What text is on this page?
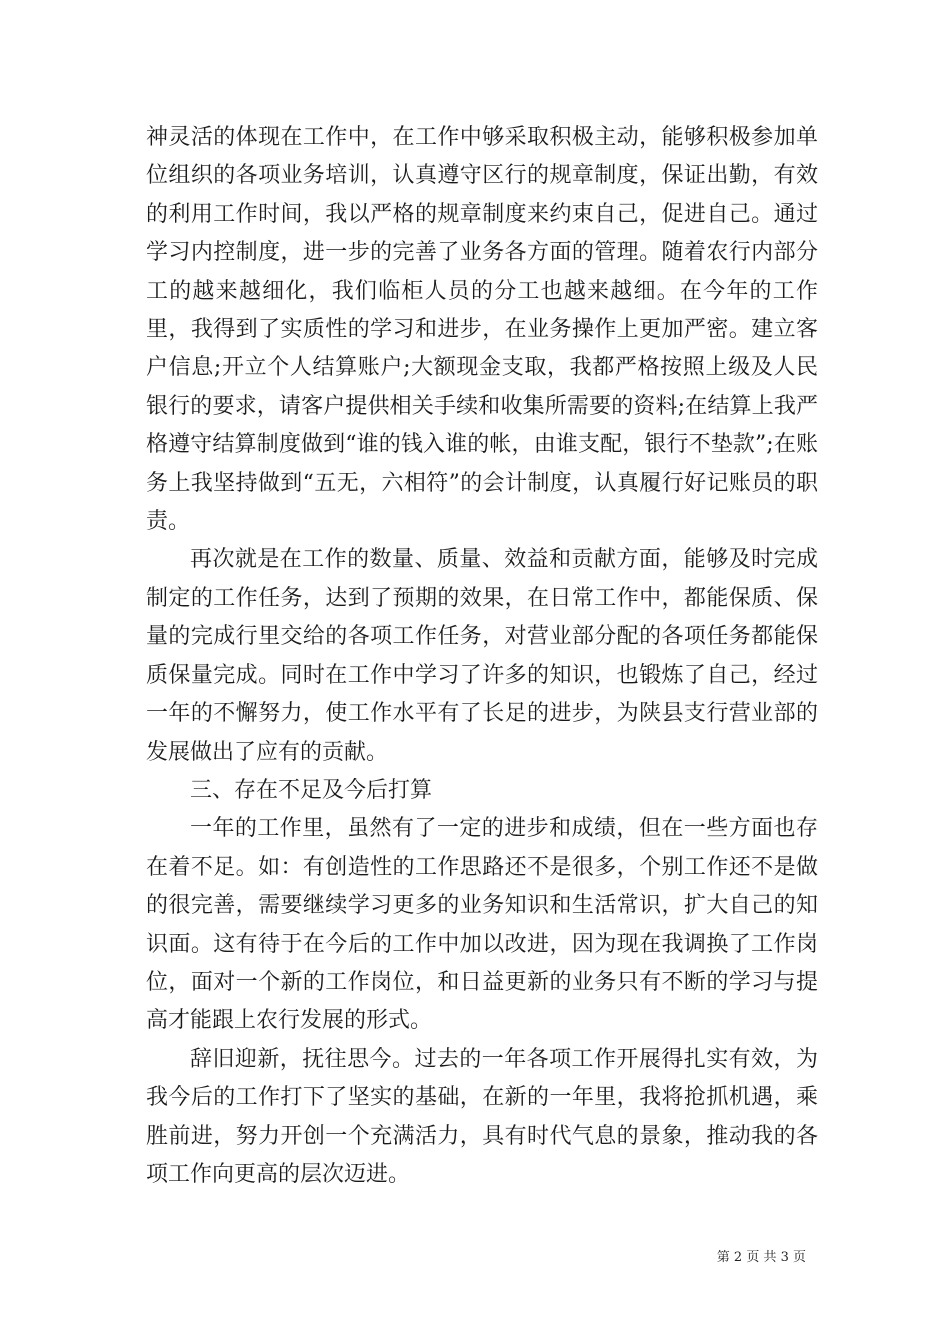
神灵活的体现在工作中，在工作中够采取积极主动，能够积极参加单位组织的各项业务培训，认真遵守区行的规章制度，保证出勤，有效的利用工作时间，我以严格的规章制度来约束自己，促进自己。通过学习内控制度，进一步的完善了业务各方面的管理。随着农行内部分工的越来越细化，我们临柜人员的分工也越来越细。在今年的工作里，我得到了实质性的学习和进步，在业务操作上更加严密。建立客户信息;开立个人结算账户;大额现金支取，我都严格按照上级及人民银行的要求，请客户提供相关手续和收集所需要的资料;在结算上我严格遵守结算制度做到“谁的钱入谁的帐，由谁支配，银行不垫款”;在账务上我坚持做到“五无，六相符”的会计制度，认真履行好记账员的职责。

再次就是在工作的数量、质量、效益和贡献方面，能够及时完成制定的工作任务，达到了预期的效果，在日常工作中，都能保质、保量的完成行里交给的各项工作任务，对营业部分配的各项任务都能保质保量完成。同时在工作中学习了许多的知识，也锻炼了自己，经过一年的不懈努力，使工作水平有了长足的进步，为陕县支行营业部的发展做出了应有的贡献。

三、存在不足及今后打算

一年的工作里，虽然有了一定的进步和成绩，但在一些方面也存在着不足。如：有创造性的工作思路还不是很多，个别工作还不是做的很完善，需要继续学习更多的业务知识和生活常识，扩大自己的知识面。这有待于在今后的工作中加以改进，因为现在我调换了工作岗位，面对一个新的工作岗位，和日益更新的业务只有不断的学习与提高才能跟上农行发展的形式。

辞旧迎新，抚往思今。过去的一年各项工作开展得扎实有效，为我今后的工作打下了坚实的基础，在新的一年里，我将抢抓机遇，乘胜前进，努力开创一个充满活力，具有时代气息的景象，推动我的各项工作向更高的层次迈进。

第 2 页 共 3 页
